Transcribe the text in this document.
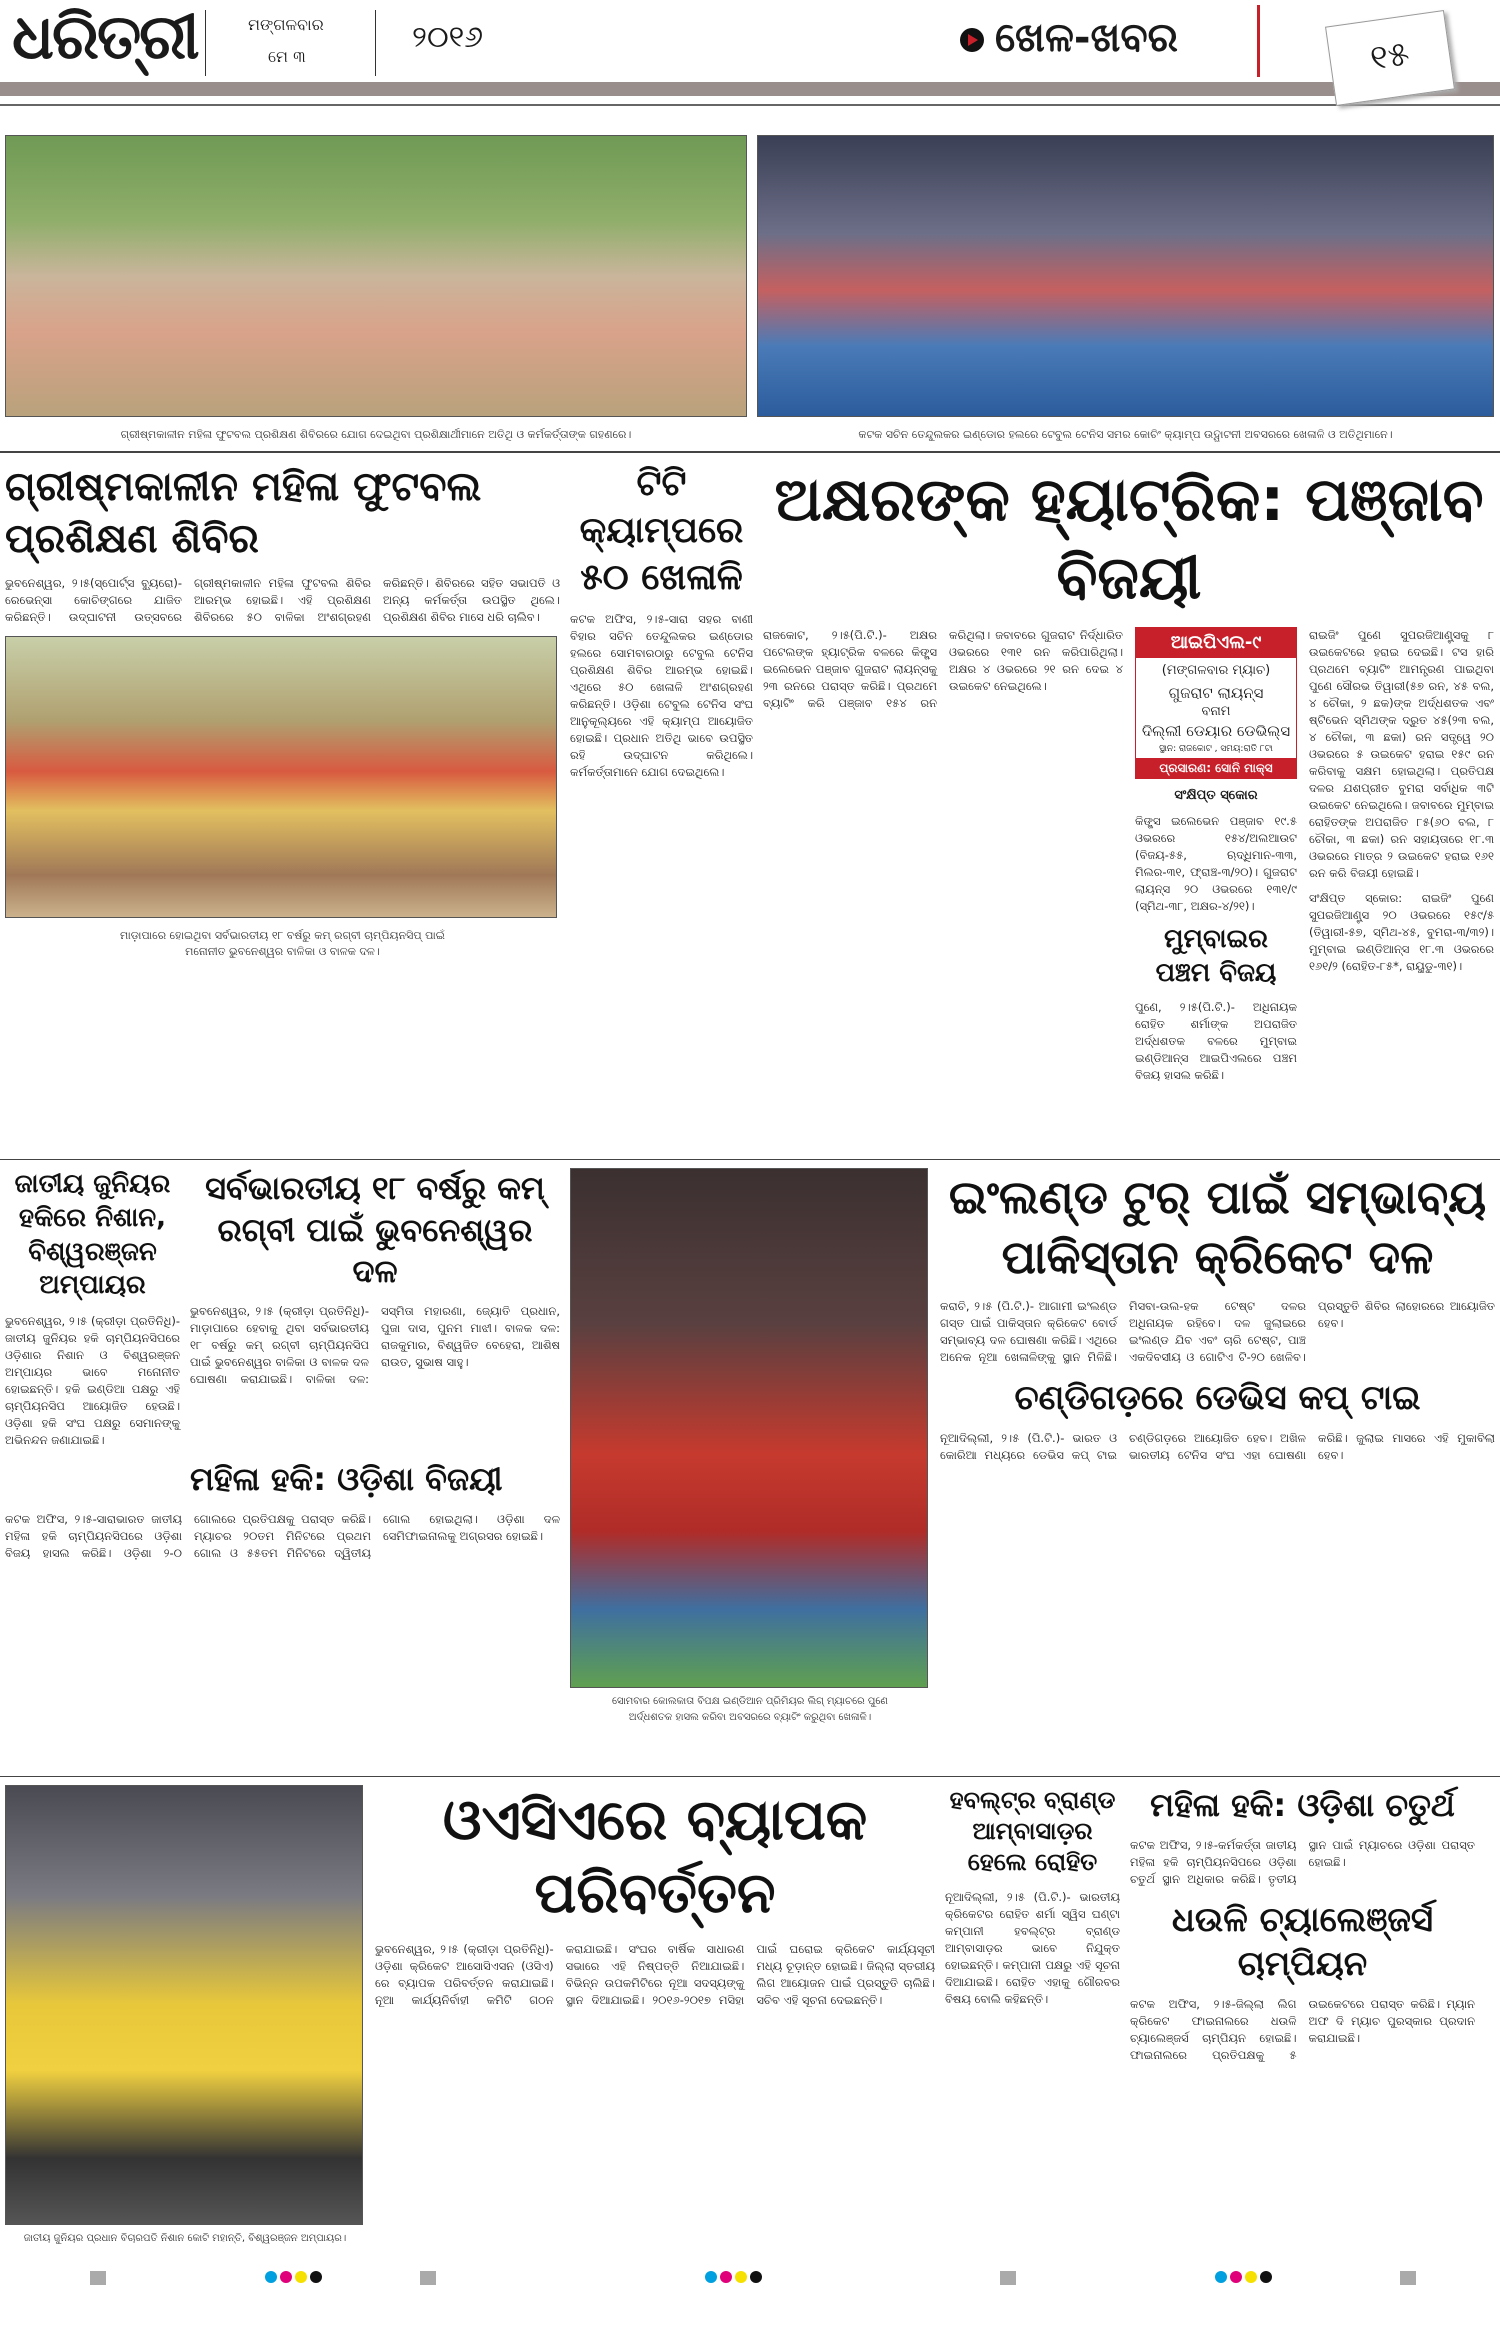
ଧରିତ୍ରୀ	ମଙ୍ଗଳବାର
ମେ ୩
୨୦୧୬	ଖେଳ-ଖବର	୧୫
ଗ୍ରୀଷ୍ମକାଳୀନ ମହିଳା ଫୁଟବଲ ପ୍ରଶିକ୍ଷଣ ଶିବିରରେ ଯୋଗ ଦେଇଥିବା ପ୍ରଶିକ୍ଷାର୍ଥୀମାନେ ଅତିଥି ଓ କର୍ମକର୍ତ୍ତାଙ୍କ ଗହଣରେ।	କଟକ ସଚିନ ତେନ୍ଦୁଲକର ଇଣ୍ଡୋର ହଲରେ ଟେବୁଲ ଟେନିସ ସମର କୋଚିଂ କ୍ୟାମ୍ପ ଉଦ୍ଘାଟନୀ ଅବସରରେ ଖେଳାଳି ଓ ଅତିଥିମାନେ।
ଗ୍ରୀଷ୍ମକାଳୀନ ମହିଳା ଫୁଟବଲ ପ୍ରଶିକ୍ଷଣ ଶିବିର
ଭୁବନେଶ୍ୱର, ୨।୫(ସ୍ପୋର୍ଟ୍ସ ବ୍ୟୁରୋ)- ରେଭେନ୍ସା କୋଚିଙ୍ଗରେ ଯାଜିତ କରିଛନ୍ତି। ଉଦ୍‌ଘାଟନୀ ଉତ୍ସବରେ ଗ୍ରୀଷ୍ମକାଳୀନ ମହିଳା ଫୁଟବଲ ଶିବିର ଆରମ୍ଭ ହୋଇଛି। ଏହି ପ୍ରଶିକ୍ଷଣ ଶିବିରରେ ୫୦ ବାଳିକା ଅଂଶଗ୍ରହଣ କରିଛନ୍ତି। ଶିବିରରେ ସହିତ ସଭାପତି ଓ ଅନ୍ୟ କର୍ମକର୍ତ୍ତା ଉପସ୍ଥିତ ଥିଲେ। ପ୍ରଶିକ୍ଷଣ ଶିବିର ମାସେ ଧରି ଚାଲିବ।
ମାଡ଼ାପାରେ ହୋଇଥିବା ସର୍ବଭାରତୀୟ ୧୮ ବର୍ଷରୁ କମ୍ ରଗ୍‌ବୀ ଚାମ୍ପିୟନସିପ୍ ପାଇଁ
ମନୋନୀତ ଭୁବନେଶ୍ୱର ବାଳିକା ଓ ବାଳକ ଦଳ।
ଟିଟି କ୍ୟାମ୍ପରେ ୫୦ ଖେଳାଳି
କଟକ ଅଫିସ, ୨।୫-ସାରା ସହର ବାଣୀ ବିହାର ସଚିନ ତେନ୍ଦୁଲକର ଇଣ୍ଡୋର ହଲରେ ସୋମବାରଠାରୁ ଟେବୁଲ ଟେନିସ ପ୍ରଶିକ୍ଷଣ ଶିବିର ଆରମ୍ଭ ହୋଇଛି। ଏଥିରେ ୫୦ ଖେଳାଳି ଅଂଶଗ୍ରହଣ କରିଛନ୍ତି। ଓଡ଼ିଶା ଟେବୁଲ ଟେନିସ ସଂଘ ଆନୁକୂଲ୍ୟରେ ଏହି କ୍ୟାମ୍ପ ଆୟୋଜିତ ହୋଇଛି। ପ୍ରଧାନ ଅତିଥି ଭାବେ ଉପସ୍ଥିତ ରହି ଉଦ୍‌ଘାଟନ କରିଥିଲେ। କର୍ମକର୍ତ୍ତାମାନେ ଯୋଗ ଦେଇଥିଲେ।
ଅକ୍ଷରଙ୍କ ହ୍ୟାଟ୍ରିକ: ପଞ୍ଜାବ ବିଜୟୀ
ରାଜକୋଟ, ୨।୫(ପି.ଟି.)- ଅକ୍ଷର ପଟେଲଙ୍କ ହ୍ୟାଟ୍ରିକ ବଳରେ କିଙ୍ଗ୍ସ ଇଲେଭେନ ପଞ୍ଜାବ ଗୁଜରାଟ ଲାୟନ୍ସକୁ ୨୩ ରନରେ ପରାସ୍ତ କରିଛି। ପ୍ରଥମେ ବ୍ୟାଟିଂ କରି ପଞ୍ଜାବ ୧୫୪ ରନ କରିଥିଲା। ଜବାବରେ ଗୁଜରାଟ ନିର୍ଦ୍ଧାରିତ ଓଭରରେ ୧୩୧ ରନ କରିପାରିଥିଲା। ଅକ୍ଷର ୪ ଓଭରରେ ୨୧ ରନ ଦେଇ ୪ ଉଇକେଟ ନେଇଥିଲେ।
ଆଇପିଏଲ-୯
(ମଙ୍ଗଳବାର ମ୍ୟାଚ)
ଗୁଜରାଟ ଲାୟନ୍ସ
ବନାମ
ଦିଲ୍ଲୀ ଡେୟାର ଡେଭିଲ୍ସ
ସ୍ଥାନ: ରାଜକୋଟ , ସମୟ:ରାତି ୮ଟା
ପ୍ରସାରଣ: ସୋନି ମାକ୍ସ
ସଂକ୍ଷିପ୍ତ ସ୍କୋର
କିଙ୍ଗ୍ସ ଇଲେଭେନ ପଞ୍ଜାବ ୧୯.୫ ଓଭରରେ ୧୫୪/ଅଲଆଉଟ (ବିଜୟ-୫୫, ଋଦ୍ଧିମାନ-୩୩, ମିଲର-୩୧, ଫ୍ରାଞ୍ଚ-୩/୨୦)। ଗୁଜରାଟ ଲାୟନ୍ସ ୨୦ ଓଭରରେ ୧୩୧/୯ (ସ୍ମିଥ-୩୮, ଅକ୍ଷର-୪/୨୧)।
ମୁମ୍ବାଇର ପଞ୍ଚମ ବିଜୟ
ପୁଣେ, ୨।୫(ପି.ଟି.)- ଅଧିନାୟକ ରୋହିତ ଶର୍ମାଙ୍କ ଅପରାଜିତ ଅର୍ଦ୍ଧଶତକ ବଳରେ ମୁମ୍ବାଇ ଇଣ୍ଡିଆନ୍ସ ଆଇପିଏଲରେ ପଞ୍ଚମ ବିଜୟ ହାସଲ କରିଛି।
ରାଇଜିଂ ପୁଣେ ସୁପରଜିଆଣ୍ଟ୍ସକୁ ୮ ଉଇକେଟରେ ହରାଇ ଦେଇଛି। ଟସ ହାରି ପ୍ରଥମେ ବ୍ୟାଟିଂ ଆମନ୍ତ୍ରଣ ପାଇଥିବା ପୁଣେ ସୌରଭ ତିୱାରୀ(୫୭ ରନ, ୪୫ ବଲ, ୪ ଚୌକା, ୨ ଛକ)ଙ୍କ ଅର୍ଦ୍ଧଶତକ ଏବଂ ଷ୍ଟିଭେନ ସ୍ମିଥଙ୍କ ଦ୍ରୁତ ୪୫(୨୩ ବଲ, ୪ ଚୌକା, ୩ ଛକା) ରନ ସତ୍ତ୍ୱେ ୨୦ ଓଭରରେ ୫ ଉଇକେଟ ହରାଇ ୧୫୯ ରନ କରିବାକୁ ସକ୍ଷମ ହୋଇଥିଲା। ପ୍ରତିପକ୍ଷ ଦଳର ଯଶପ୍ରୀତ ବୁମରା ସର୍ବାଧିକ ୩ଟି ଉଇକେଟ ନେଇଥିଲେ। ଜବାବରେ ମୁମ୍ବାଇ ରୋହିତଙ୍କ ଅପରାଜିତ ୮୫(୬୦ ବଲ, ୮ ଚୌକା, ୩ ଛକା) ରନ ସହାୟତାରେ ୧୮.୩ ଓଭରରେ ମାତ୍ର ୨ ଉଇକେଟ ହରାଇ ୧୬୧ ରନ କରି ବିଜୟୀ ହୋଇଛି।
ସଂକ୍ଷିପ୍ତ ସ୍କୋର: ରାଇଜିଂ ପୁଣେ ସୁପରଜିଆଣ୍ଟ୍ସ ୨୦ ଓଭରରେ ୧୫୯/୫ (ତିୱାରୀ-୫୭, ସ୍ମିଥ-୪୫, ବୁମରା-୩/୩୨)। ମୁମ୍ବାଇ ଇଣ୍ଡିଆନ୍ସ ୧୮.୩ ଓଭରରେ ୧୬୧/୨ (ରୋହିତ-୮୫*, ରାୟୁଡୁ-୩୧)।
ଜାତୀୟ ଜୁନିୟର ହକିରେ ନିଶାନ, ବିଶ୍ୱରଞ୍ଜନ ଅମ୍ପାୟର
ଭୁବନେଶ୍ୱର, ୨।୫ (କ୍ରୀଡ଼ା ପ୍ରତିନିଧି)- ଜାତୀୟ ଜୁନିୟର ହକି ଚାମ୍ପିୟନସିପରେ ଓଡ଼ିଶାର ନିଶାନ ଓ ବିଶ୍ୱରଞ୍ଜନ ଅମ୍ପାୟର ଭାବେ ମନୋନୀତ ହୋଇଛନ୍ତି। ହକି ଇଣ୍ଡିଆ ପକ୍ଷରୁ ଏହି ଚାମ୍ପିୟନସିପ ଆୟୋଜିତ ହେଉଛି। ଓଡ଼ିଶା ହକି ସଂଘ ପକ୍ଷରୁ ସେମାନଙ୍କୁ ଅଭିନନ୍ଦନ ଜଣାଯାଇଛି।
ସର୍ବଭାରତୀୟ ୧୮ ବର୍ଷରୁ କମ୍ ରଗ୍‌ବୀ ପାଇଁ ଭୁବନେଶ୍ୱର ଦଳ
ଭୁବନେଶ୍ୱର, ୨।୫ (କ୍ରୀଡ଼ା ପ୍ରତିନିଧି)- ମାଡ଼ାପାରେ ହେବାକୁ ଥିବା ସର୍ବଭାରତୀୟ ୧୮ ବର୍ଷରୁ କମ୍ ରଗ୍‌ବୀ ଚାମ୍ପିୟନସିପ ପାଇଁ ଭୁବନେଶ୍ୱର ବାଳିକା ଓ ବାଳକ ଦଳ ଘୋଷଣା କରାଯାଇଛି। ବାଳିକା ଦଳ: ସସ୍ମିତା ମହାରଣା, ଜ୍ୟୋତି ପ୍ରଧାନ, ପୁଜା ଦାସ, ପୁନମ ମାଝୀ। ବାଳକ ଦଳ: ରାଜକୁମାର, ବିଶ୍ୱଜିତ ବେହେରା, ଆଶିଷ ରାଉତ, ସୁଭାଷ ସାହୁ।
ମହିଳା ହକି: ଓଡ଼ିଶା ବିଜୟୀ
କଟକ ଅଫିସ, ୨।୫-ସାରାଭାରତ ଜାତୀୟ ମହିଳା ହକି ଚାମ୍ପିୟନସିପରେ ଓଡ଼ିଶା ବିଜୟ ହାସଲ କରିଛି। ଓଡ଼ିଶା ୨-୦ ଗୋଲରେ ପ୍ରତିପକ୍ଷକୁ ପରାସ୍ତ କରିଛି। ମ୍ୟାଚର ୨୦ତମ ମିନିଟରେ ପ୍ରଥମ ଗୋଲ ଓ ୫୫ତମ ମିନିଟରେ ଦ୍ୱିତୀୟ ଗୋଲ ହୋଇଥିଲା। ଓଡ଼ିଶା ଦଳ ସେମିଫାଇନାଲକୁ ଅଗ୍ରସର ହୋଇଛି।
ସୋମବାର କୋଲକାତା ବିପକ୍ଷ ଇଣ୍ଡିଆନ ପ୍ରିମିୟର ଲିଗ୍ ମ୍ୟାଚରେ ପୁଣେ
ଅର୍ଦ୍ଧଶତକ ହାସଲ କରିବା ଅବସରରେ ବ୍ୟାଟିଂ କରୁଥିବା ଖେଳାଳି।
ଇଂଲଣ୍ଡ ଟୁର୍ ପାଇଁ ସମ୍ଭାବ୍ୟ ପାକିସ୍ତାନ କ୍ରିକେଟ ଦଳ
କରାଚି, ୨।୫ (ପି.ଟି.)- ଆଗାମୀ ଇଂଲଣ୍ଡ ଗସ୍ତ ପାଇଁ ପାକିସ୍ତାନ କ୍ରିକେଟ ବୋର୍ଡ ସମ୍ଭାବ୍ୟ ଦଳ ଘୋଷଣା କରିଛି। ଏଥିରେ ଅନେକ ନୂଆ ଖେଳାଳିଙ୍କୁ ସ୍ଥାନ ମିଳିଛି। ମିସବା-ଉଲ-ହକ ଟେଷ୍ଟ ଦଳର ଅଧିନାୟକ ରହିବେ। ଦଳ ଜୁଲାଇରେ ଇଂଲଣ୍ଡ ଯିବ ଏବଂ ଚାରି ଟେଷ୍ଟ, ପାଞ୍ଚ ଏକଦିବସୀୟ ଓ ଗୋଟିଏ ଟି-୨୦ ଖେଳିବ। ପ୍ରସ୍ତୁତି ଶିବିର ଲାହୋରରେ ଆୟୋଜିତ ହେବ।
ଚଣ୍ଡିଗଡ଼ରେ ଡେଭିସ କପ୍ ଟାଇ
ନୂଆଦିଲ୍ଲୀ, ୨।୫ (ପି.ଟି.)- ଭାରତ ଓ କୋରିଆ ମଧ୍ୟରେ ଡେଭିସ କପ୍ ଟାଇ ଚଣ୍ଡିଗଡ଼ରେ ଆୟୋଜିତ ହେବ। ଅଖିଳ ଭାରତୀୟ ଟେନିସ ସଂଘ ଏହା ଘୋଷଣା କରିଛି। ଜୁଲାଇ ମାସରେ ଏହି ମୁକାବିଲା ହେବ।
ଜାତୀୟ ଜୁନିୟର ପ୍ରଧାନ ବିଚାରପତି ନିଶାନ କୋଟି ମହାନ୍ତି, ବିଶ୍ୱରଞ୍ଜନ ଅମ୍ପାୟର।
ଓଏସିଏରେ ବ୍ୟାପକ ପରିବର୍ତ୍ତନ
ଭୁବନେଶ୍ୱର, ୨।୫ (କ୍ରୀଡ଼ା ପ୍ରତିନିଧି)- ଓଡ଼ିଶା କ୍ରିକେଟ ଆସୋସିଏସନ (ଓସିଏ) ରେ ବ୍ୟାପକ ପରିବର୍ତ୍ତନ କରାଯାଇଛି। ନୂଆ କାର୍ଯ୍ୟନିର୍ବାହୀ କମିଟି ଗଠନ କରାଯାଇଛି। ସଂଘର ବାର୍ଷିକ ସାଧାରଣ ସଭାରେ ଏହି ନିଷ୍ପତ୍ତି ନିଆଯାଇଛି। ବିଭିନ୍ନ ଉପକମିଟିରେ ନୂଆ ସଦସ୍ୟଙ୍କୁ ସ୍ଥାନ ଦିଆଯାଇଛି। ୨୦୧୬-୨୦୧୭ ମସିହା ପାଇଁ ଘରୋଇ କ୍ରିକେଟ କାର୍ଯ୍ୟସୂଚୀ ମଧ୍ୟ ଚୂଡ଼ାନ୍ତ ହୋଇଛି। ଜିଲ୍ଲା ସ୍ତରୀୟ ଲିଗ ଆୟୋଜନ ପାଇଁ ପ୍ରସ୍ତୁତି ଚାଲିଛି। ସଚିବ ଏହି ସୂଚନା ଦେଇଛନ୍ତି।
ହବଲ୍‌ଟ୍‌ର ବ୍ରାଣ୍ଡ ଆମ୍ବାସାଡ଼ର ହେଲେ ରୋହିତ
ନୂଆଦିଲ୍ଲୀ, ୨।୫ (ପି.ଟି.)- ଭାରତୀୟ କ୍ରିକେଟର ରୋହିତ ଶର୍ମା ସ୍ୱିସ ଘଣ୍ଟା କମ୍ପାନୀ ହବଲ୍‌ଟ୍‌ର ବ୍ରାଣ୍ଡ ଆମ୍ବାସାଡ଼ର ଭାବେ ନିଯୁକ୍ତ ହୋଇଛନ୍ତି। କମ୍ପାନୀ ପକ୍ଷରୁ ଏହି ସୂଚନା ଦିଆଯାଇଛି। ରୋହିତ ଏହାକୁ ଗୌରବର ବିଷୟ ବୋଲି କହିଛନ୍ତି।
ମହିଳା ହକି: ଓଡ଼ିଶା ଚତୁର୍ଥ
କଟକ ଅଫିସ, ୨।୫-କର୍ମକର୍ତ୍ତା ଜାତୀୟ ମହିଳା ହକି ଚାମ୍ପିୟନସିପରେ ଓଡ଼ିଶା ଚତୁର୍ଥ ସ୍ଥାନ ଅଧିକାର କରିଛି। ତୃତୀୟ ସ୍ଥାନ ପାଇଁ ମ୍ୟାଚରେ ଓଡ଼ିଶା ପରାସ୍ତ ହୋଇଛି।
ଧଉଳି ଚ୍ୟାଲେଞ୍ଜର୍ସ ଚାମ୍ପିୟନ
କଟକ ଅଫିସ, ୨।୫-ଜିଲ୍ଲା ଲିଗ କ୍ରିକେଟ ଫାଇନାଲରେ ଧଉଳି ଚ୍ୟାଲେଞ୍ଜର୍ସ ଚାମ୍ପିୟନ ହୋଇଛି। ଫାଇନାଲରେ ପ୍ରତିପକ୍ଷକୁ ୫ ଉଇକେଟରେ ପରାସ୍ତ କରିଛି। ମ୍ୟାନ ଅଫ ଦି ମ୍ୟାଚ ପୁରସ୍କାର ପ୍ରଦାନ କରାଯାଇଛି।
